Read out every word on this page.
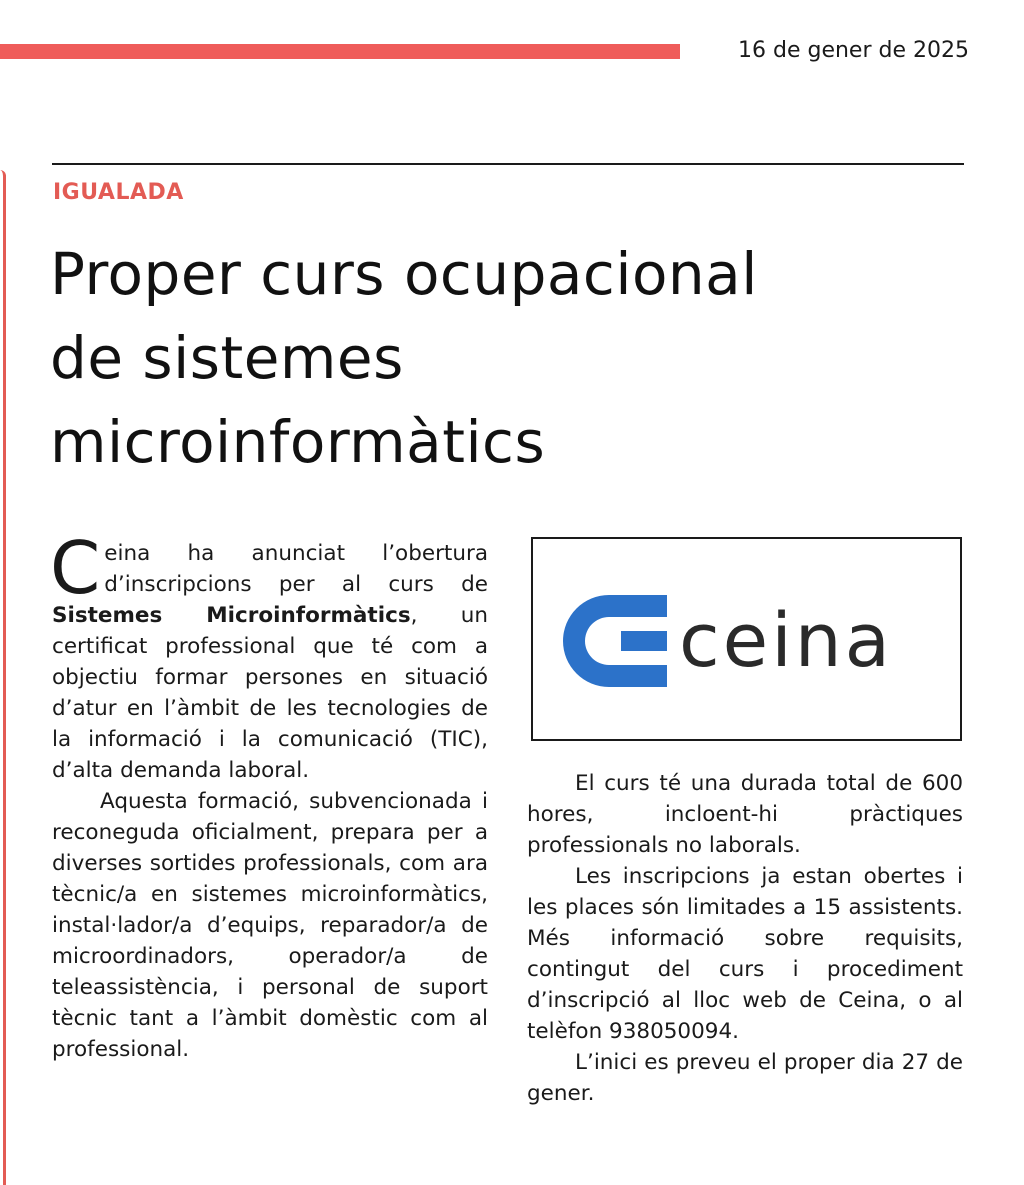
16 de gener de 2025
IGUALADA
Proper curs ocupacional
de sistemes
microinformàtics

Ceina ha anunciat l’obertura d’inscripcions per al curs de Sistemes Microinformàtics, un certificat professional que té com a objectiu formar persones en situació d’atur en l’àmbit de les tecnologies de la informació i la comunicació (TIC), d’alta demanda laboral.

Aquesta formació, subvencionada i reconeguda oficialment, prepara per a diverses sortides professionals, com ara tècnic/a en sistemes microinformàtics, instal·lador/a d’equips, reparador/a de microordinadors, operador/a de teleassistència, i personal de suport tècnic tant a l’àmbit domèstic com al professional.

ceina

El curs té una durada total de 600 hores, incloent-hi pràctiques professionals no laborals.

Les inscripcions ja estan obertes i les places són limitades a 15 assistents. Més informació sobre requisits, contingut del curs i procediment d’inscripció al lloc web de Ceina, o al telèfon 938050094.

L’inici es preveu el proper dia 27 de gener.
